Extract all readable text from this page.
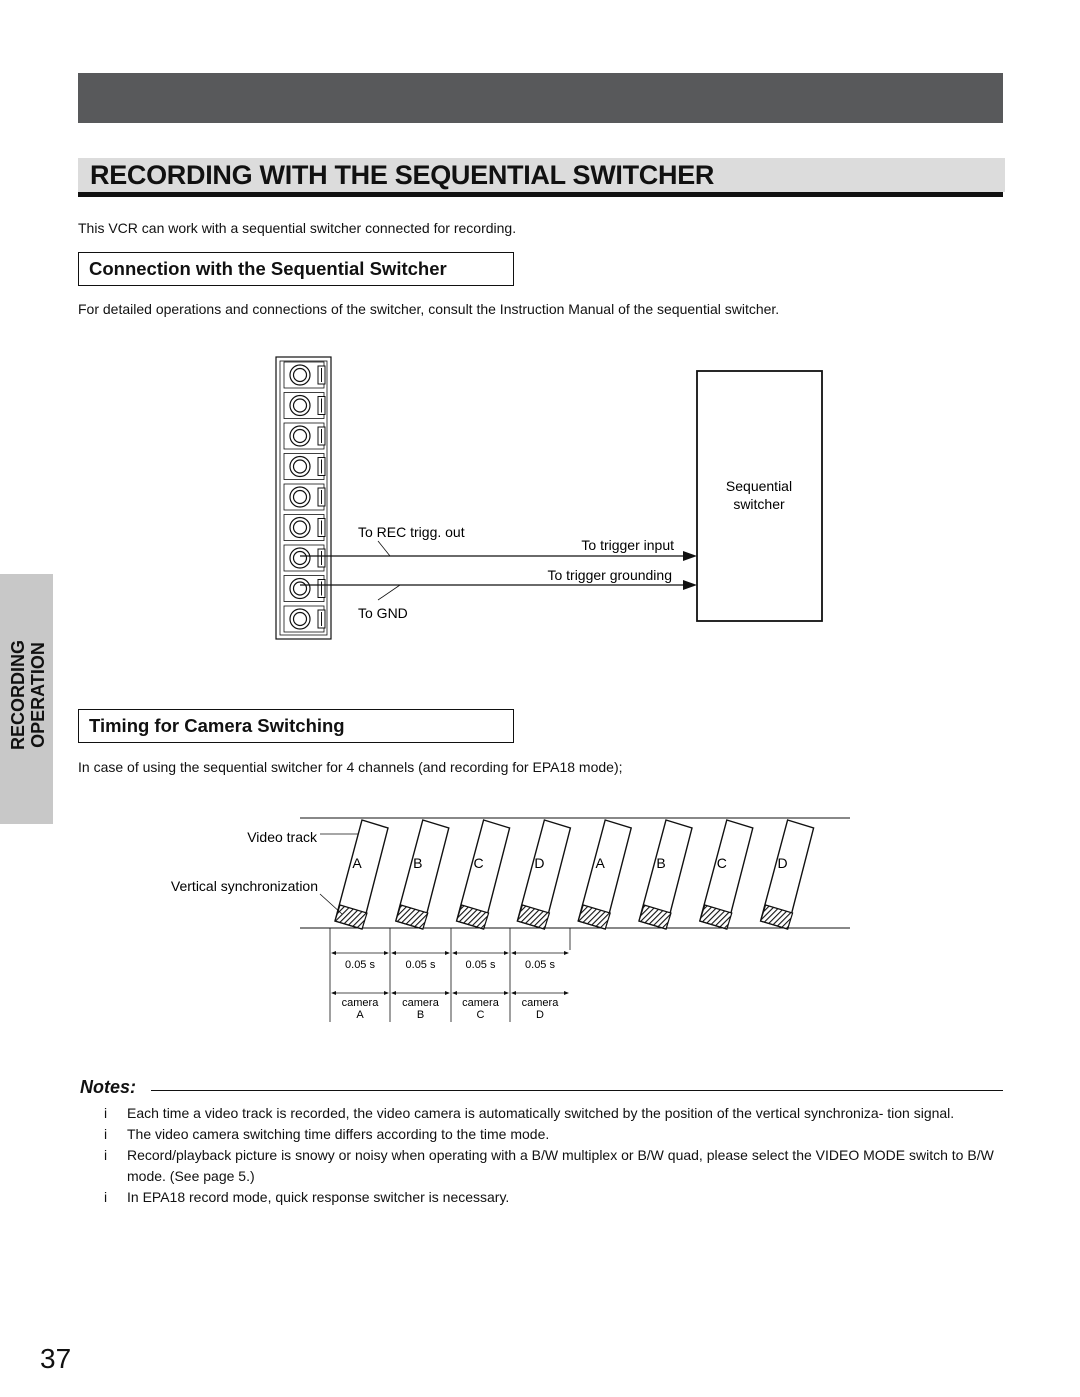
RECORDING WITH THE SEQUENTIAL SWITCHER
This VCR can work with a sequential switcher connected for recording.
Connection with the Sequential Switcher
For detailed operations and connections of the switcher, consult the Instruction Manual of the sequential switcher.
RECORDING OPERATION
Sequential
switcher
To REC trigg. out
To GND
To trigger input
To trigger grounding
Timing for Camera Switching
In case of using the sequential switcher for 4 channels (and recording for EPA18 mode);
A	B	C	D	A	B	C	D
Video track
Vertical synchronization
0.05 s
camera
A
0.05 s
camera
B
0.05 s
camera
C
0.05 s
camera
D
Notes:
i Each time a video track is recorded, the video camera is automatically switched by the position of the vertical synchroniza- tion signal.
i The video camera switching time differs according to the time mode.
i Record/playback picture is snowy or noisy when operating with a B/W multiplex or B/W quad, please select the VIDEO MODE switch to B/W mode. (See page 5.)
i In EPA18 record mode, quick response switcher is necessary.
37
